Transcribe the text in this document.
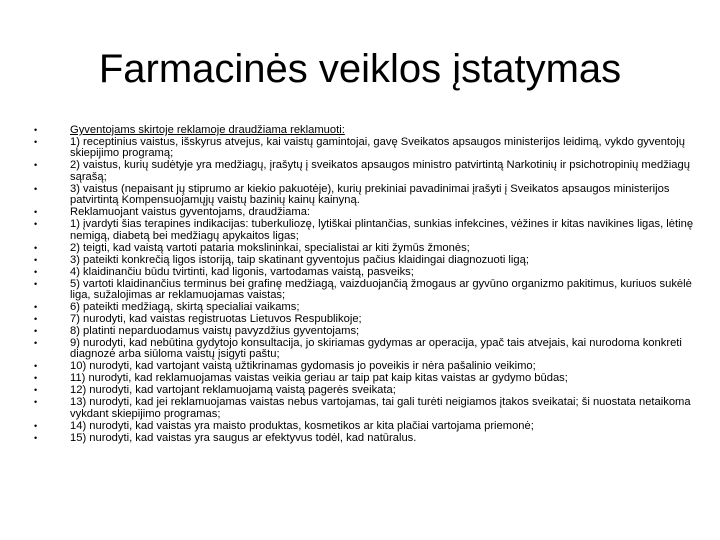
Farmacinės veiklos įstatymas
•	Gyventojams skirtoje reklamoje draudžiama reklamuoti:
•	1) receptinius vaistus, išskyrus atvejus, kai vaistų gamintojai, gavę Sveikatos apsaugos ministerijos leidimą, vykdo gyventojų skiepijimo programą;
•	2) vaistus, kurių sudėtyje yra medžiagų, įrašytų į sveikatos apsaugos ministro patvirtintą Narkotinių ir psichotropinių medžiagų sąrašą;
•	3) vaistus (nepaisant jų stiprumo ar kiekio pakuotėje), kurių prekiniai pavadinimai įrašyti į Sveikatos apsaugos ministerijos patvirtintą Kompensuojamųjų vaistų bazinių kainų kainyną.
•	Reklamuojant vaistus gyventojams, draudžiama:
•	1) įvardyti šias terapines indikacijas: tuberkuliozę, lytiškai plintančias, sunkias infekcines, vėžines ir kitas navikines ligas, lėtinę nemigą, diabetą bei medžiagų apykaitos ligas;
•	2) teigti, kad vaistą vartoti pataria mokslininkai, specialistai ar kiti žymūs žmonės;
•	3) pateikti konkrečią ligos istoriją, taip skatinant gyventojus pačius klaidingai diagnozuoti ligą;
•	4) klaidinančiu būdu tvirtinti, kad ligonis, vartodamas vaistą, pasveiks;
•	5) vartoti klaidinančius terminus bei grafinę medžiagą, vaizduojančią žmogaus ar gyvūno organizmo pakitimus, kuriuos sukėlė liga, sužalojimas ar reklamuojamas vaistas;
•	6) pateikti medžiagą, skirtą specialiai vaikams;
•	7) nurodyti, kad vaistas registruotas Lietuvos Respublikoje;
•	8) platinti neparduodamus vaistų pavyzdžius gyventojams;
•	9) nurodyti, kad nebūtina gydytojo konsultacija, jo skiriamas gydymas ar operacija, ypač tais atvejais, kai nurodoma konkreti diagnozė arba siūloma vaistų įsigyti paštu;
•	10) nurodyti, kad vartojant vaistą užtikrinamas gydomasis jo poveikis ir nėra pašalinio veikimo;
•	11) nurodyti, kad reklamuojamas vaistas veikia geriau ar taip pat kaip kitas vaistas ar gydymo būdas;
•	12) nurodyti, kad vartojant reklamuojamą vaistą pagerės sveikata;
•	13) nurodyti, kad jei reklamuojamas vaistas nebus vartojamas, tai gali turėti neigiamos įtakos sveikatai; ši nuostata netaikoma vykdant skiepijimo programas;
•	14) nurodyti, kad vaistas yra maisto produktas, kosmetikos ar kita plačiai vartojama priemonė;
•	15) nurodyti, kad vaistas yra saugus ar efektyvus todėl, kad natūralus.
